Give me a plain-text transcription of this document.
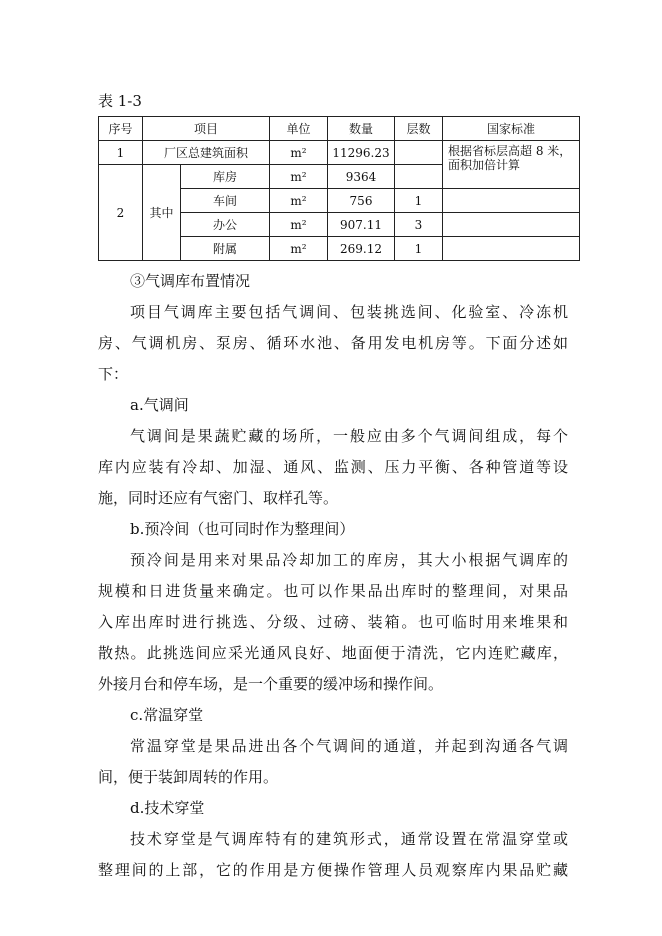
表 1-3
序号	项目		单位	数量	层数	国家标准
1	厂区总建筑面积		m²	11296.23		根据省标层高超 8 米，面积加倍计算
2	其中	库房	m²	9364		
		车间	m²	756	1	
		办公	m²	907.11	3	
		附属	m²	269.12	1	

③气调库布置情况

项目气调库主要包括气调间、包装挑选间、化验室、冷冻机

房、气调机房、泵房、循环水池、备用发电机房等。下面分述如

下：

a.气调间

气调间是果蔬贮藏的场所，一般应由多个气调间组成，每个

库内应装有冷却、加湿、通风、监测、压力平衡、各种管道等设

施，同时还应有气密门、取样孔等。

b.预冷间（也可同时作为整理间）

预冷间是用来对果品冷却加工的库房，其大小根据气调库的

规模和日进货量来确定。也可以作果品出库时的整理间，对果品

入库出库时进行挑选、分级、过磅、装箱。也可临时用来堆果和

散热。此挑选间应采光通风良好、地面便于清洗，它内连贮藏库，

外接月台和停车场，是一个重要的缓冲场和操作间。

c.常温穿堂

常温穿堂是果品进出各个气调间的通道，并起到沟通各气调

间，便于装卸周转的作用。

d.技术穿堂

技术穿堂是气调库特有的建筑形式，通常设置在常温穿堂或

整理间的上部，它的作用是方便操作管理人员观察库内果品贮藏
